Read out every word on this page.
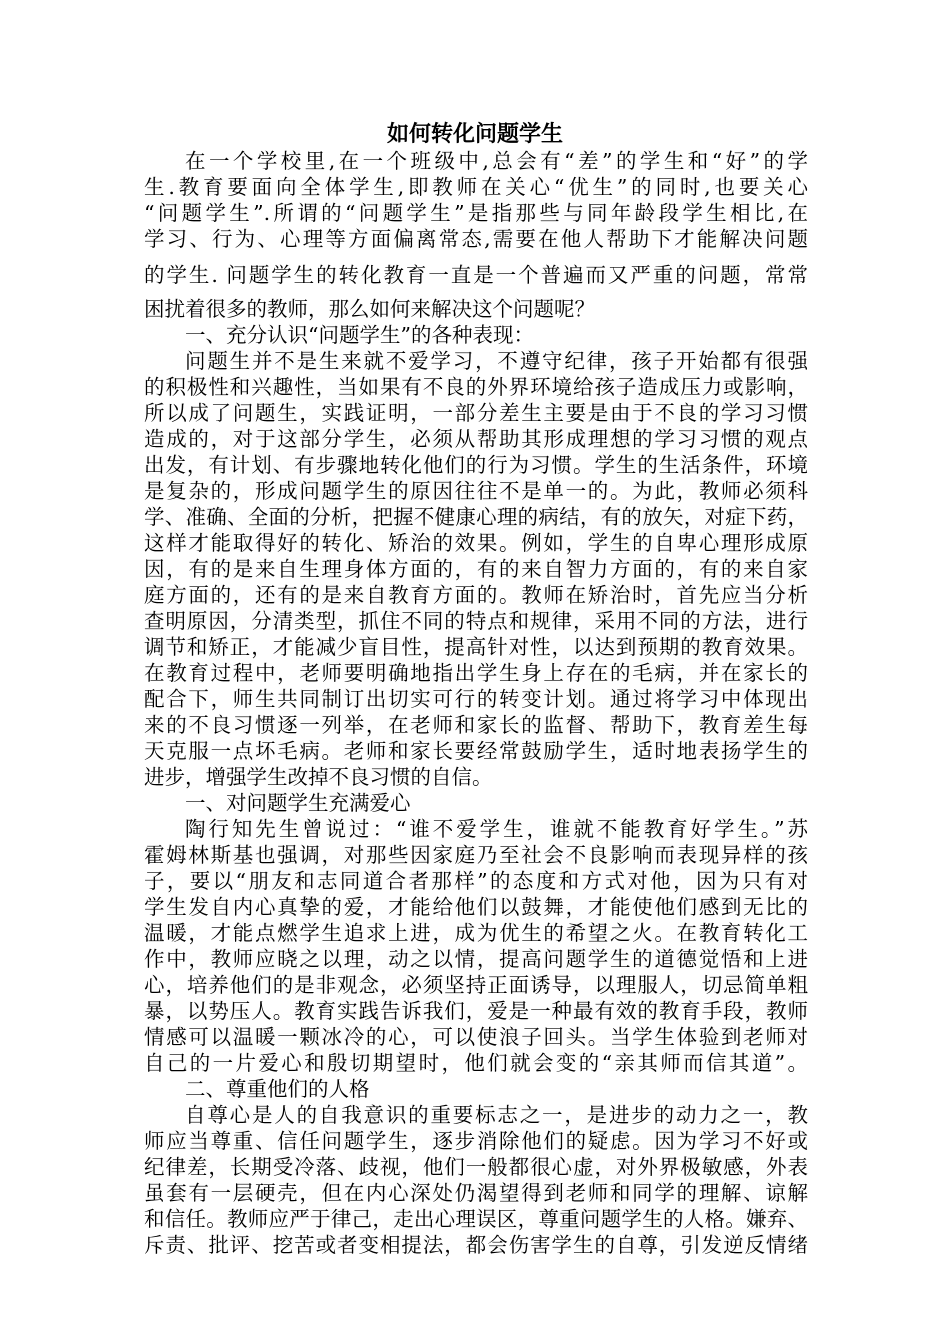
如何转化问题学生
在一个学校里,在一个班级中,总会有“差”的学生和“好”的学
生.教育要面向全体学生,即教师在关心“优生”的同时,也要关心
“问题学生”.所谓的“问题学生”是指那些与同年龄段学生相比,在
学习、行为、心理等方面偏离常态,需要在他人帮助下才能解决问题
的学生. 问题学生的转化教育一直是一个普遍而又严重的问题，常常
困扰着很多的教师，那么如何来解决这个问题呢？
一、充分认识“问题学生”的各种表现：
问题生并不是生来就不爱学习，不遵守纪律，孩子开始都有很强
的积极性和兴趣性，当如果有不良的外界环境给孩子造成压力或影响，
所以成了问题生，实践证明，一部分差生主要是由于不良的学习习惯
造成的，对于这部分学生，必须从帮助其形成理想的学习习惯的观点
出发，有计划、有步骤地转化他们的行为习惯。学生的生活条件，环境
是复杂的，形成问题学生的原因往往不是单一的。为此，教师必须科
学、准确、全面的分析，把握不健康心理的病结，有的放矢，对症下药，
这样才能取得好的转化、矫治的效果。例如，学生的自卑心理形成原
因，有的是来自生理身体方面的，有的来自智力方面的，有的来自家
庭方面的，还有的是来自教育方面的。教师在矫治时，首先应当分析
查明原因，分清类型，抓住不同的特点和规律，采用不同的方法，进行
调节和矫正，才能减少盲目性，提高针对性，以达到预期的教育效果。
在教育过程中，老师要明确地指出学生身上存在的毛病，并在家长的
配合下，师生共同制订出切实可行的转变计划。通过将学习中体现出
来的不良习惯逐一列举，在老师和家长的监督、帮助下，教育差生每
天克服一点坏毛病。老师和家长要经常鼓励学生，适时地表扬学生的
进步，增强学生改掉不良习惯的自信。
一、对问题学生充满爱心
陶行知先生曾说过：“谁不爱学生，谁就不能教育好学生。”苏
霍姆林斯基也强调，对那些因家庭乃至社会不良影响而表现异样的孩
子，要以“朋友和志同道合者那样”的态度和方式对他，因为只有对
学生发自内心真挚的爱，才能给他们以鼓舞，才能使他们感到无比的
温暖，才能点燃学生追求上进，成为优生的希望之火。在教育转化工
作中，教师应晓之以理，动之以情，提高问题学生的道德觉悟和上进
心，培养他们的是非观念，必须坚持正面诱导，以理服人，切忌简单粗
暴，以势压人。教育实践告诉我们，爱是一种最有效的教育手段，教师
情感可以温暖一颗冰冷的心，可以使浪子回头。当学生体验到老师对
自己的一片爱心和殷切期望时，他们就会变的“亲其师而信其道”。
二、尊重他们的人格
自尊心是人的自我意识的重要标志之一，是进步的动力之一，教
师应当尊重、信任问题学生，逐步消除他们的疑虑。因为学习不好或
纪律差，长期受冷落、歧视，他们一般都很心虚，对外界极敏感，外表
虽套有一层硬壳，但在内心深处仍渴望得到老师和同学的理解、谅解
和信任。教师应严于律己，走出心理误区，尊重问题学生的人格。嫌弃、
斥责、批评、挖苦或者变相提法，都会伤害学生的自尊，引发逆反情绪
